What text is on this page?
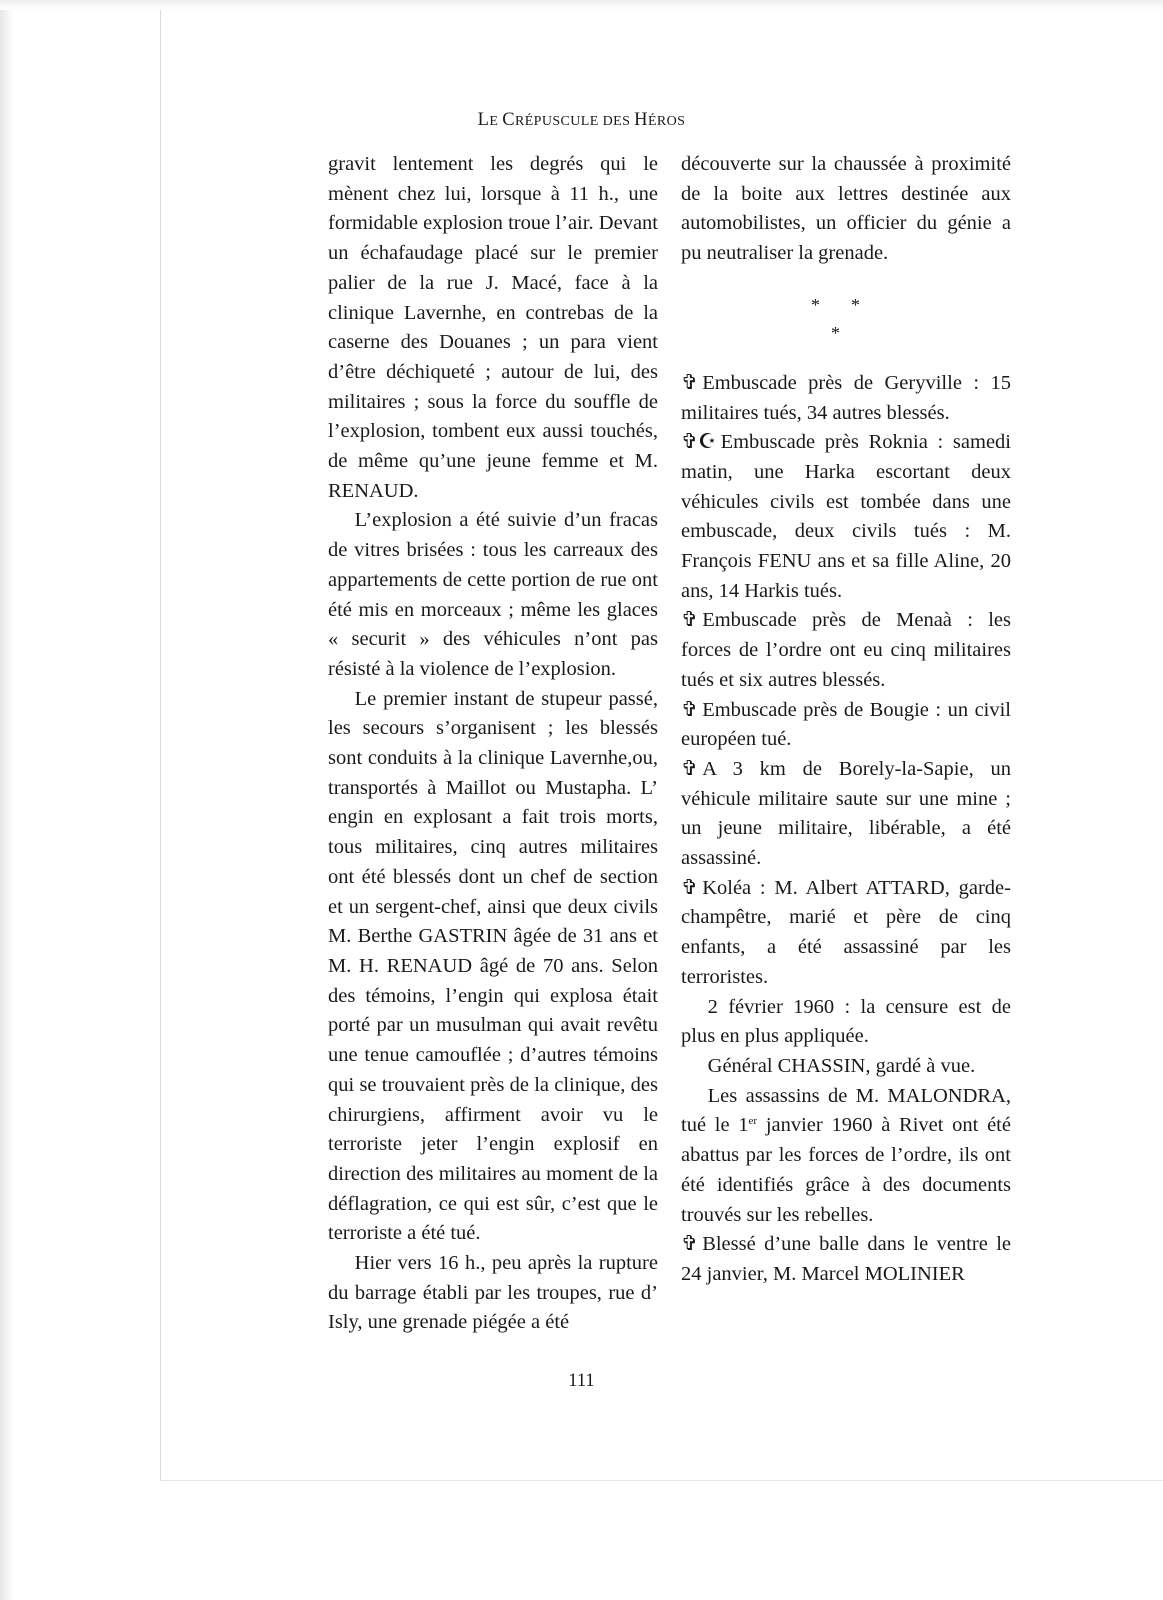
LE CRÉPUSCULE DES HÉROS

gravit lentement les degrés qui le mènent chez lui, lorsque à 11 h., une formidable explosion troue l’air. Devant un échafaudage placé sur le premier palier de la rue J. Macé, face à la clinique Lavernhe, en contrebas de la caserne des Douanes ; un para vient d’être déchiqueté ; autour de lui, des militaires ; sous la force du souffle de l’explosion, tombent eux aussi touchés, de même qu’une jeune femme et M. RENAUD.

L’explosion a été suivie d’un fracas de vitres brisées : tous les carreaux des appartements de cette portion de rue ont été mis en morceaux ; même les glaces « securit » des véhicules n’ont pas résisté à la violence de l’explosion.

Le premier instant de stupeur passé, les secours s’organisent ; les blessés sont conduits à la clinique Lavernhe,ou, transportés à Maillot ou Mustapha. L’ engin en explosant a fait trois morts, tous militaires, cinq autres militaires ont été blessés dont un chef de section et un sergent-chef, ainsi que deux civils M. Berthe GASTRIN âgée de 31 ans et M. H. RENAUD âgé de 70 ans. Selon des témoins, l’engin qui explosa était porté par un musulman qui avait revêtu une tenue camouflée ; d’autres témoins qui se trouvaient près de la clinique, des chirurgiens, affirment avoir vu le terroriste jeter l’engin explosif en direction des militaires au moment de la déflagration, ce qui est sûr, c’est que le terroriste a été tué.

Hier vers 16 h., peu après la rupture du barrage établi par les troupes, rue d’ Isly, une grenade piégée a été

découverte sur la chaussée à proximité de la boite aux lettres destinée aux automobilistes, un officier du génie a pu neutraliser la grenade.

* *
*

✞ Embuscade près de Geryville : 15 militaires tués, 34 autres blessés.

✞☪ Embuscade près Roknia : samedi matin, une Harka escortant deux véhicules civils est tombée dans une embuscade, deux civils tués : M. François FENU ans et sa fille Aline, 20 ans, 14 Harkis tués.

✞ Embuscade près de Menaà : les forces de l’ordre ont eu cinq militaires tués et six autres blessés.

✞ Embuscade près de Bougie : un civil européen tué.

✞ A 3 km de Borely-la-Sapie, un véhicule militaire saute sur une mine ; un jeune militaire, libérable, a été assassiné.

✞ Koléa : M. Albert ATTARD, garde-champêtre, marié et père de cinq enfants, a été assassiné par les terroristes.

2 février 1960 : la censure est de plus en plus appliquée.

Général CHASSIN, gardé à vue.

Les assassins de M. MALONDRA, tué le 1er janvier 1960 à Rivet ont été abattus par les forces de l’ordre, ils ont été identifiés grâce à des documents trouvés sur les rebelles.

✞ Blessé d’une balle dans le ventre le 24 janvier, M. Marcel MOLINIER

111
